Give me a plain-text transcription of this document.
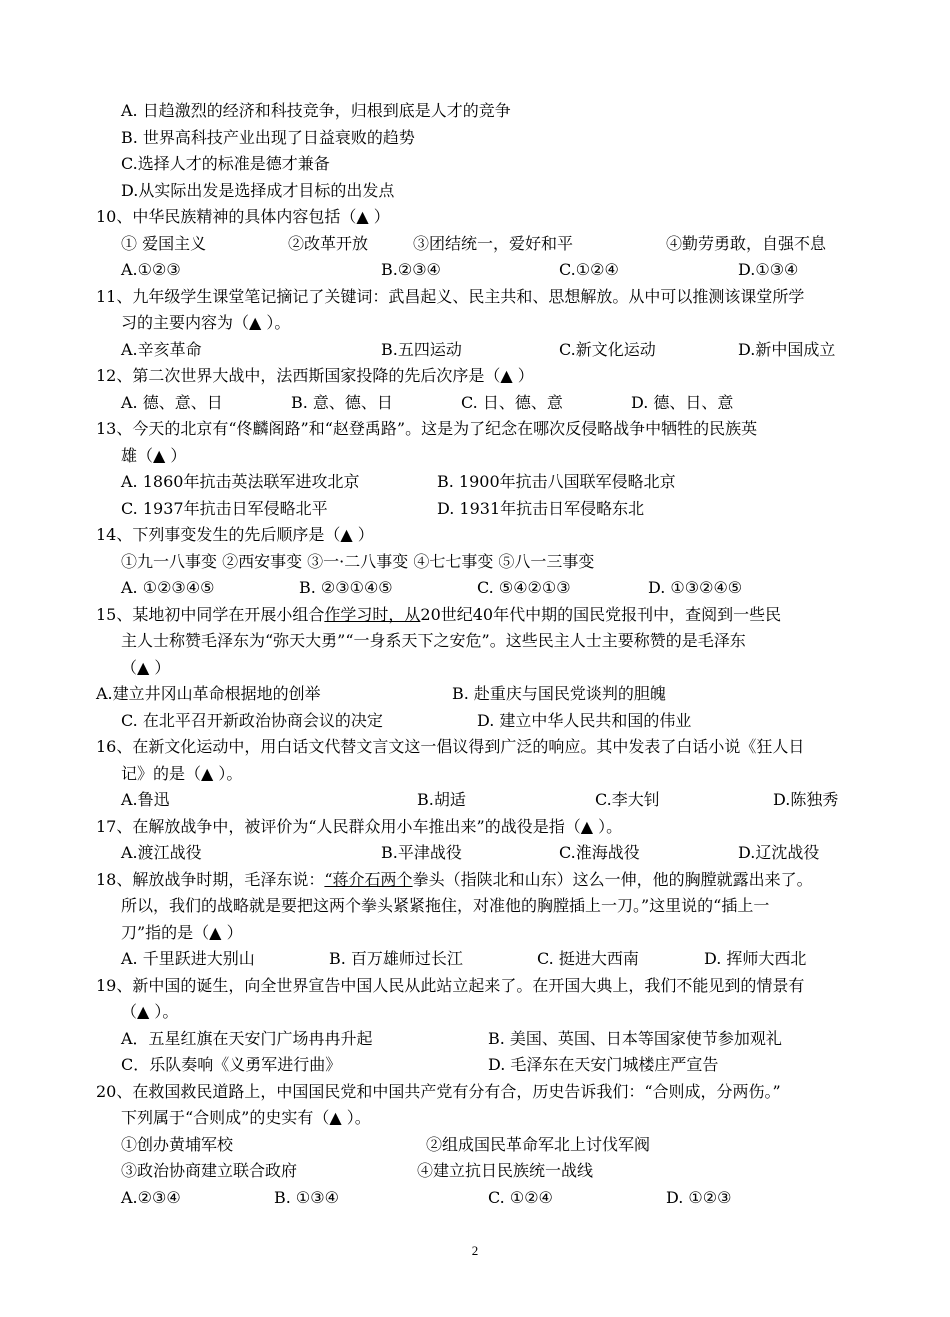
A. 日趋激烈的经济和科技竞争，归根到底是人才的竞争
B. 世界高科技产业出现了日益衰败的趋势
C.选择人才的标准是德才兼备
D.从实际出发是选择成才目标的出发点
10、中华民族精神的具体内容包括（▲ ）
① 爱国主义	②改革开放	③团结统一，爱好和平	④勤劳勇敢，自强不息
A.①②③	B.②③④	C.①②④	D.①③④
11、九年级学生课堂笔记摘记了关键词：武昌起义、民主共和、思想解放。从中可以推测该课堂所学
习的主要内容为（▲ ）。
A.辛亥革命	B.五四运动	C.新文化运动	D.新中国成立
12、第二次世界大战中，法西斯国家投降的先后次序是（▲ ）
A. 德、意、日	B. 意、德、日	C. 日、德、意	D. 德、日、意
13、今天的北京有“佟麟阁路”和“赵登禹路”。这是为了纪念在哪次反侵略战争中牺牲的民族英
雄（▲ ）
A. 1860年抗击英法联军进攻北京	B. 1900年抗击八国联军侵略北京
C. 1937年抗击日军侵略北平	D. 1931年抗击日军侵略东北
14、下列事变发生的先后顺序是（▲ ）
①九一八事变 ②西安事变 ③一·二八事变 ④七七事变 ⑤八一三事变
A. ①②③④⑤	B. ②③①④⑤	C. ⑤④②①③	D. ①③②④⑤
15、某地初中同学在开展小组合作学习时，从20世纪40年代中期的国民党报刊中，查阅到一些民
主人士称赞毛泽东为“弥天大勇”“一身系天下之安危”。这些民主人士主要称赞的是毛泽东
（▲ ）
A.建立井冈山革命根据地的创举	B. 赴重庆与国民党谈判的胆魄
C. 在北平召开新政治协商会议的决定	D. 建立中华人民共和国的伟业
16、在新文化运动中，用白话文代替文言文这一倡议得到广泛的响应。其中发表了白话小说《狂人日
记》的是（▲ ）。
A.鲁迅	B.胡适	C.李大钊	D.陈独秀
17、在解放战争中，被评价为“人民群众用小车推出来”的战役是指（▲ ）。
A.渡江战役	B.平津战役	C.淮海战役	D.辽沈战役
18、解放战争时期，毛泽东说：“蒋介石两个拳头（指陕北和山东）这么一伸，他的胸膛就露出来了。
所以，我们的战略就是要把这两个拳头紧紧拖住，对准他的胸膛插上一刀。”这里说的“插上一
刀”指的是（▲ ）
A. 千里跃进大别山	B. 百万雄师过长江	C. 挺进大西南	D. 挥师大西北
19、新中国的诞生，向全世界宣告中国人民从此站立起来了。在开国大典上，我们不能见到的情景有
（▲ ）。
A．五星红旗在天安门广场冉冉升起	B. 美国、英国、日本等国家使节参加观礼
C．乐队奏响《义勇军进行曲》	D. 毛泽东在天安门城楼庄严宣告
20、在救国救民道路上，中国国民党和中国共产党有分有合，历史告诉我们：“合则成，分两伤。”
下列属于“合则成”的史实有（▲ ）。
①创办黄埔军校	②组成国民革命军北上讨伐军阀
③政治协商建立联合政府	④建立抗日民族统一战线
A.②③④	B. ①③④	C. ①②④	D. ①②③
2
